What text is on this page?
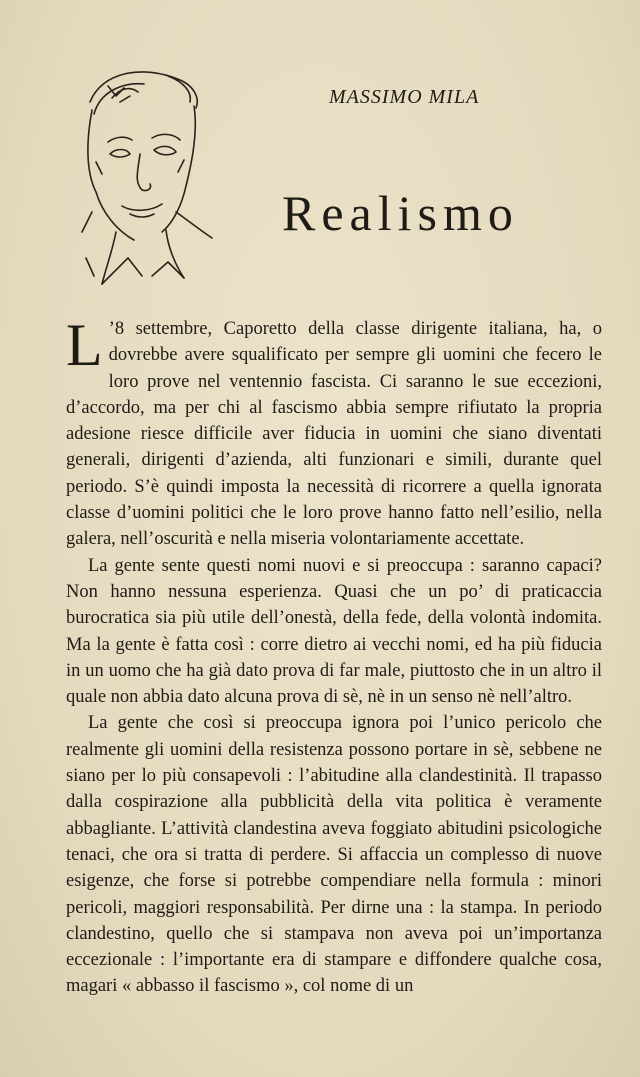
MASSIMO MILA
Realismo

L ’8 settembre, Caporetto della classe dirigente italiana, ha, o dovrebbe avere squalificato per sempre gli uomini che fecero le loro prove nel ventennio fascista. Ci saranno le sue eccezioni, d’accordo, ma per chi al fascismo abbia sempre rifiutato la propria adesione riesce difficile aver fiducia in uomini che siano diventati generali, dirigenti d’azienda, alti funzionari e simili, durante quel periodo. S’è quindi imposta la necessità di ricorrere a quella ignorata classe d’uomini politici che le loro prove hanno fatto nell’esilio, nella galera, nell’oscurità e nella miseria volontariamente accettate.

La gente sente questi nomi nuovi e si preoccupa : saranno capaci? Non hanno nessuna esperienza. Quasi che un po’ di praticaccia burocratica sia più utile dell’onestà, della fede, della volontà indomita. Ma la gente è fatta così : corre dietro ai vecchi nomi, ed ha più fiducia in un uomo che ha già dato prova di far male, piuttosto che in un altro il quale non abbia dato alcuna prova di sè, nè in un senso nè nell’altro.

La gente che così si preoccupa ignora poi l’unico pericolo che realmente gli uomini della resistenza possono portare in sè, sebbene ne siano per lo più consapevoli : l’abitudine alla clandestinità. Il trapasso dalla cospirazione alla pubblicità della vita politica è veramente abbagliante. L’attività clandestina aveva foggiato abitudini psicologiche tenaci, che ora si tratta di perdere. Si affaccia un complesso di nuove esigenze, che forse si potrebbe compendiare nella formula : minori pericoli, maggiori responsabilità. Per dirne una : la stampa. In periodo clandestino, quello che si stampava non aveva poi un’importanza eccezionale : l’importante era di stampare e diffondere qualche cosa, magari « abbasso il fascismo », col nome di un
